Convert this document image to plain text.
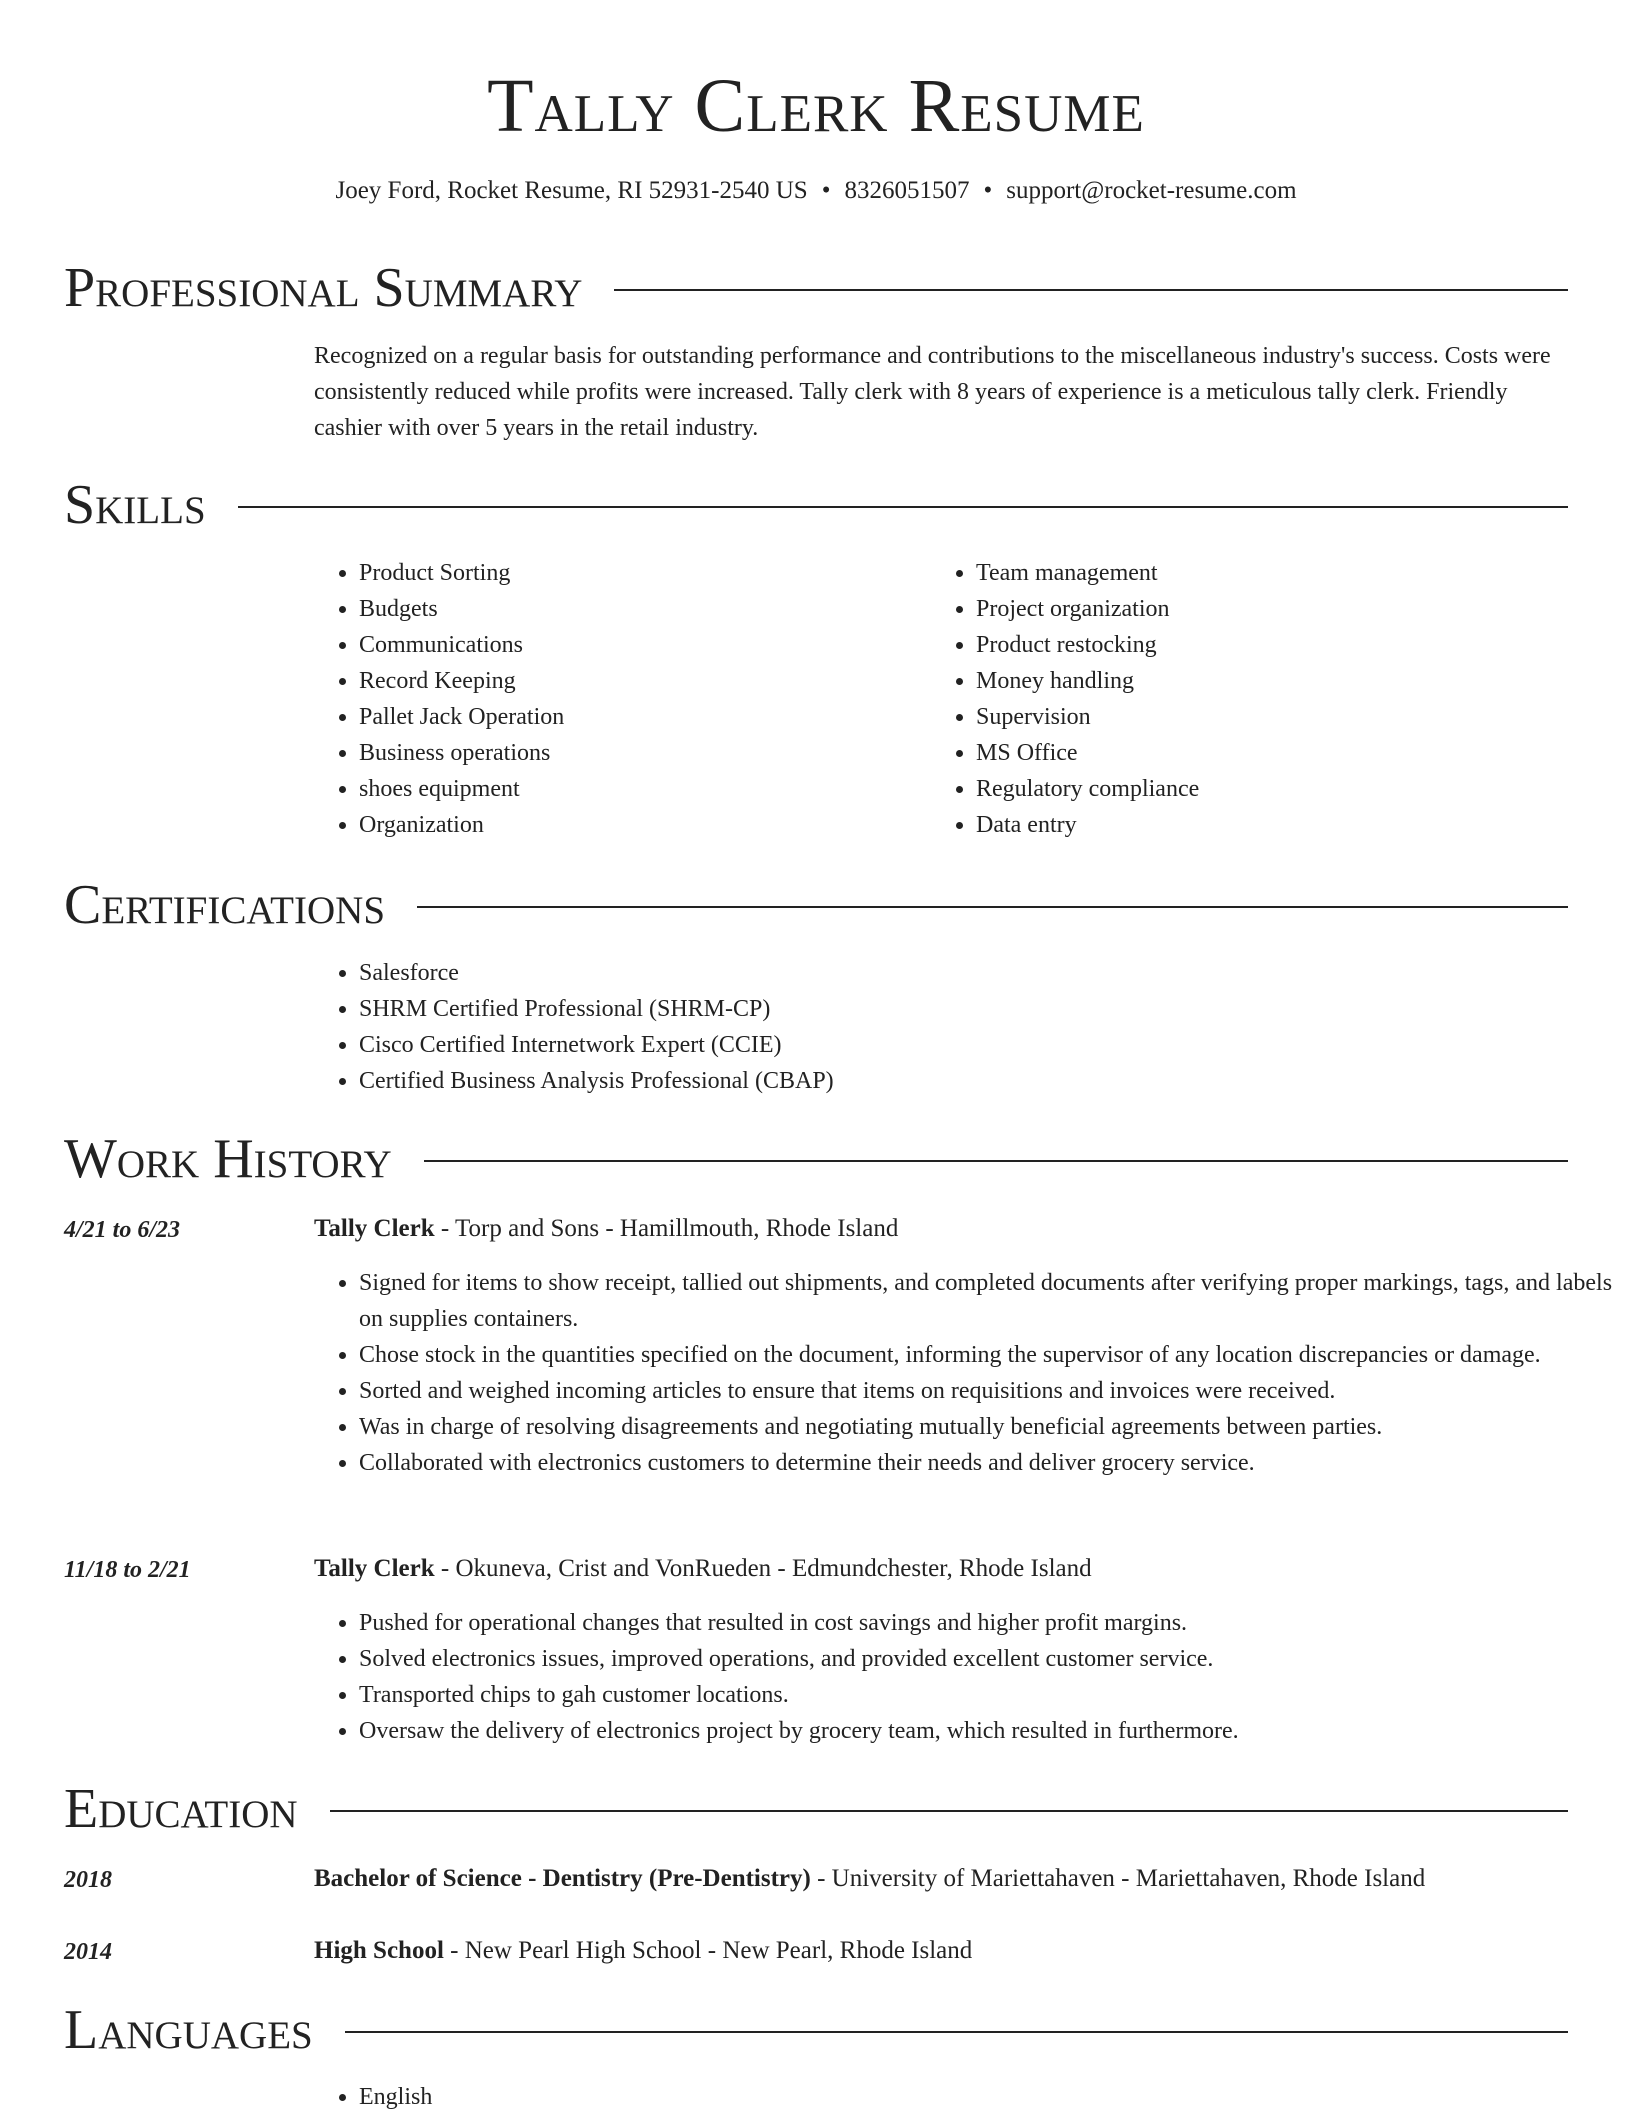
Tally Clerk Resume
Joey Ford, Rocket Resume, RI 52931-2540 US • 8326051507 • support@rocket-resume.com
Professional Summary

Recognized on a regular basis for outstanding performance and contributions to the miscellaneous industry's success. Costs were consistently reduced while profits were increased. Tally clerk with 8 years of experience is a meticulous tally clerk. Friendly cashier with over 5 years in the retail industry.

Skills
• Product Sorting
• Budgets
• Communications
• Record Keeping
• Pallet Jack Operation
• Business operations
• shoes equipment
• Organization
• Team management
• Project organization
• Product restocking
• Money handling
• Supervision
• MS Office
• Regulatory compliance
• Data entry
Certifications
• Salesforce
• SHRM Certified Professional (SHRM-CP)
• Cisco Certified Internetwork Expert (CCIE)
• Certified Business Analysis Professional (CBAP)
Work History
4/21 to 6/23	Tally Clerk - Torp and Sons - Hamillmouth, Rhode Island
• Signed for items to show receipt, tallied out shipments, and completed documents after verifying proper markings, tags, and labels on supplies containers.
• Chose stock in the quantities specified on the document, informing the supervisor of any location discrepancies or damage.
• Sorted and weighed incoming articles to ensure that items on requisitions and invoices were received.
• Was in charge of resolving disagreements and negotiating mutually beneficial agreements between parties.
• Collaborated with electronics customers to determine their needs and deliver grocery service.
11/18 to 2/21	Tally Clerk - Okuneva, Crist and VonRueden - Edmundchester, Rhode Island
• Pushed for operational changes that resulted in cost savings and higher profit margins.
• Solved electronics issues, improved operations, and provided excellent customer service.
• Transported chips to gah customer locations.
• Oversaw the delivery of electronics project by grocery team, which resulted in furthermore.
Education
2018	Bachelor of Science - Dentistry (Pre-Dentistry) - University of Mariettahaven - Mariettahaven, Rhode Island
2014	High School - New Pearl High School - New Pearl, Rhode Island
Languages
• English
